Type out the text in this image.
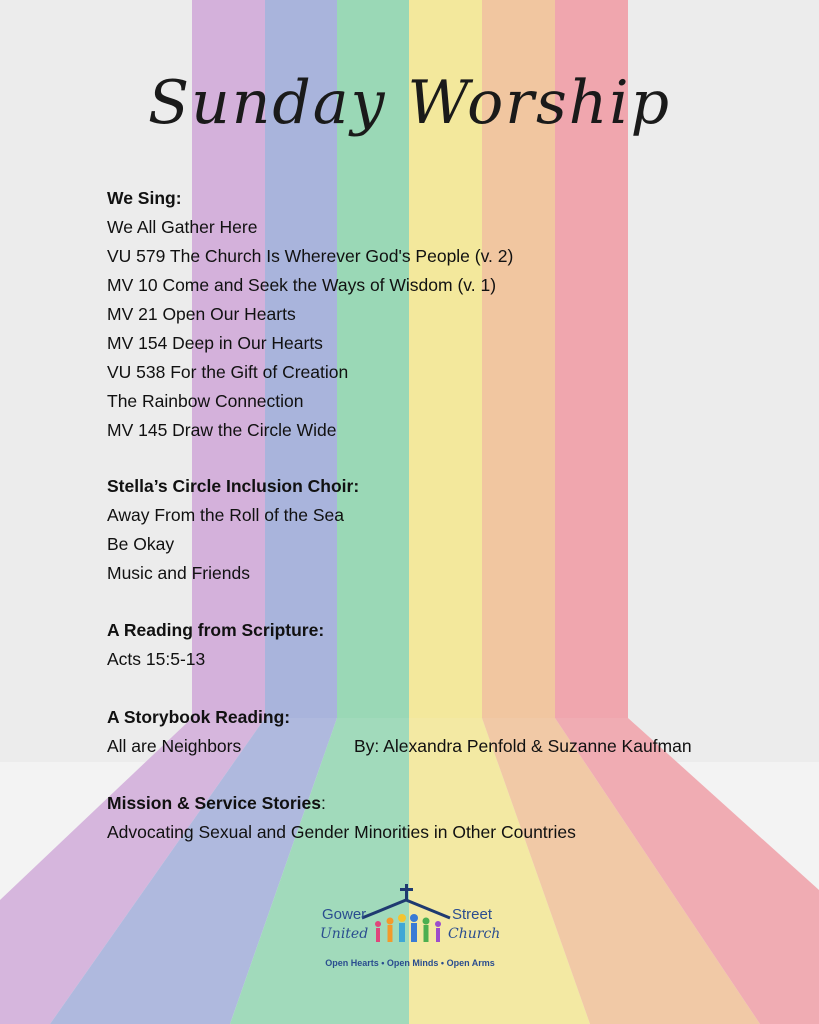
Sunday Worship
We Sing:
We All Gather Here
VU 579 The Church Is Wherever God's People (v. 2)
MV 10 Come and Seek the Ways of Wisdom (v. 1)
MV 21 Open Our Hearts
MV 154 Deep in Our Hearts
VU 538 For the Gift of Creation
The Rainbow Connection
MV 145 Draw the Circle Wide
Stella’s Circle Inclusion Choir:
Away From the Roll of the Sea
Be Okay
Music and Friends
A Reading from Scripture:
Acts 15:5-13
A Storybook Reading:
All are Neighbors	By: Alexandra Penfold & Suzanne Kaufman
Mission & Service Stories:
Advocating Sexual and Gender Minorities in Other Countries
Gower	Street
United	Church
Open Hearts • Open Minds • Open Arms
